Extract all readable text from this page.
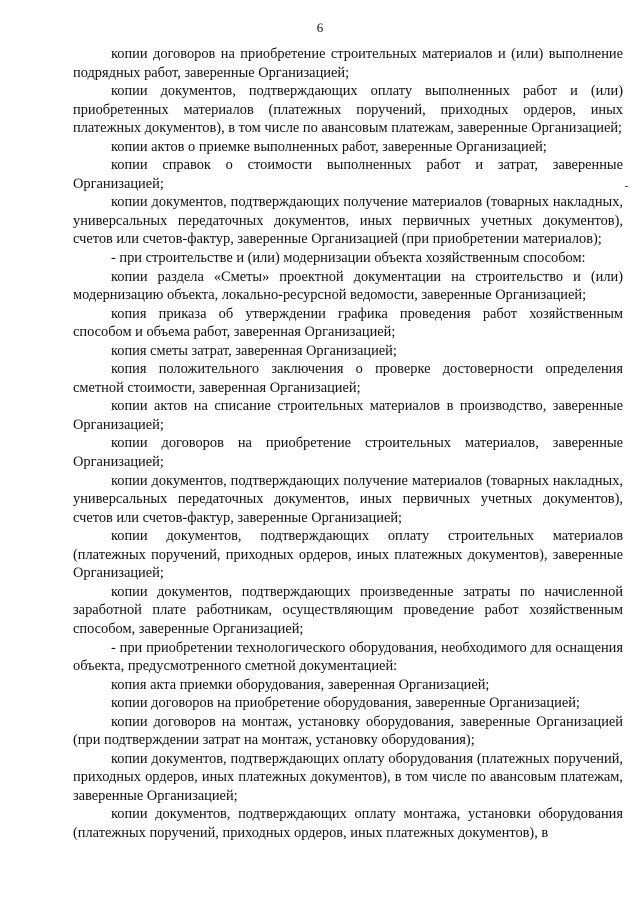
6

копии договоров на приобретение строительных материалов и (или) выполнение подрядных работ, заверенные Организацией;

копии документов, подтверждающих оплату выполненных работ и (или) приобретенных материалов (платежных поручений, приходных ордеров, иных платежных документов), в том числе по авансовым платежам, заверенные Организацией;

копии актов о приемке выполненных работ, заверенные Организацией;

копии справок о стоимости выполненных работ и затрат, заверенные Организацией;

копии документов, подтверждающих получение материалов (товарных накладных, универсальных передаточных документов, иных первичных учетных документов), счетов или счетов-фактур, заверенные Организацией (при приобретении материалов);

- при строительстве и (или) модернизации объекта хозяйственным способом:

копии раздела «Сметы» проектной документации на строительство и (или) модернизацию объекта, локально-ресурсной ведомости, заверенные Организацией;

копия приказа об утверждении графика проведения работ хозяйственным способом и объема работ, заверенная Организацией;

копия сметы затрат, заверенная Организацией;

копия положительного заключения о проверке достоверности определения сметной стоимости, заверенная Организацией;

копии актов на списание строительных материалов в производство, заверенные Организацией;

копии договоров на приобретение строительных материалов, заверенные Организацией;

копии документов, подтверждающих получение материалов (товарных накладных, универсальных передаточных документов, иных первичных учетных документов), счетов или счетов-фактур, заверенные Организацией;

копии документов, подтверждающих оплату строительных материалов (платежных поручений, приходных ордеров, иных платежных документов), заверенные Организацией;

копии документов, подтверждающих произведенные затраты по начисленной заработной плате работникам, осуществляющим проведение работ хозяйственным способом, заверенные Организацией;

- при приобретении технологического оборудования, необходимого для оснащения объекта, предусмотренного сметной документацией:

копия акта приемки оборудования, заверенная Организацией;

копии договоров на приобретение оборудования, заверенные Организацией;

копии договоров на монтаж, установку оборудования, заверенные Организацией (при подтверждении затрат на монтаж, установку оборудования);

копии документов, подтверждающих оплату оборудования (платежных поручений, приходных ордеров, иных платежных документов), в том числе по авансовым платежам, заверенные Организацией;

копии документов, подтверждающих оплату монтажа, установки оборудования (платежных поручений, приходных ордеров, иных платежных документов), в
